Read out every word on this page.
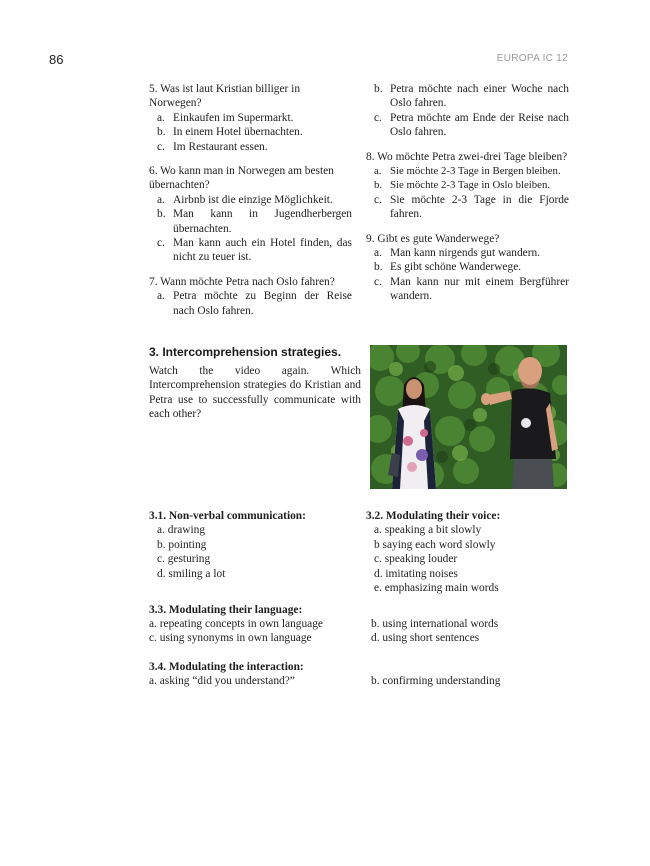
86	EUROPA IC 12

5. Was ist laut Kristian billiger in Norwegen?

a. Einkaufen im Supermarkt.
b. In einem Hotel übernachten.
c. Im Restaurant essen.

6. Wo kann man in Norwegen am besten übernachten?

a. Airbnb ist die einzige Möglichkeit.
b. Man kann in Jugendherbergen übernachten.
c. Man kann auch ein Hotel finden, das nicht zu teuer ist.

7. Wann möchte Petra nach Oslo fahren?

a. Petra möchte zu Beginn der Reise nach Oslo fahren.
b. Petra möchte nach einer Woche nach Oslo fahren.
c. Petra möchte am Ende der Reise nach Oslo fahren.

8. Wo möchte Petra zwei-drei Tage bleiben?

a. Sie möchte 2-3 Tage in Bergen bleiben.
b. Sie möchte 2-3 Tage in Oslo bleiben.
c. Sie möchte 2-3 Tage in die Fjorde fahren.

9. Gibt es gute Wanderwege?

a. Man kann nirgends gut wandern.
b. Es gibt schöne Wanderwege.
c. Man kann nur mit einem Bergführer wandern.
3. Intercomprehension strategies.
Watch the video again. Which Intercomprehension strategies do Kristian and Petra use to successfully communicate with each other?

3.1. Non-verbal communication:

a. drawing
b. pointing
c. gesturing
d. smiling a lot

3.2. Modulating their voice:

a. speaking a bit slowly
b saying each word slowly
c. speaking louder
d. imitating noises
e. emphasizing main words

3.3. Modulating their language:

a. repeating concepts in own language

c. using synonyms in own language

b. using international words

d. using short sentences

3.4. Modulating the interaction:

a. asking “did you understand?”	b. confirming understanding
